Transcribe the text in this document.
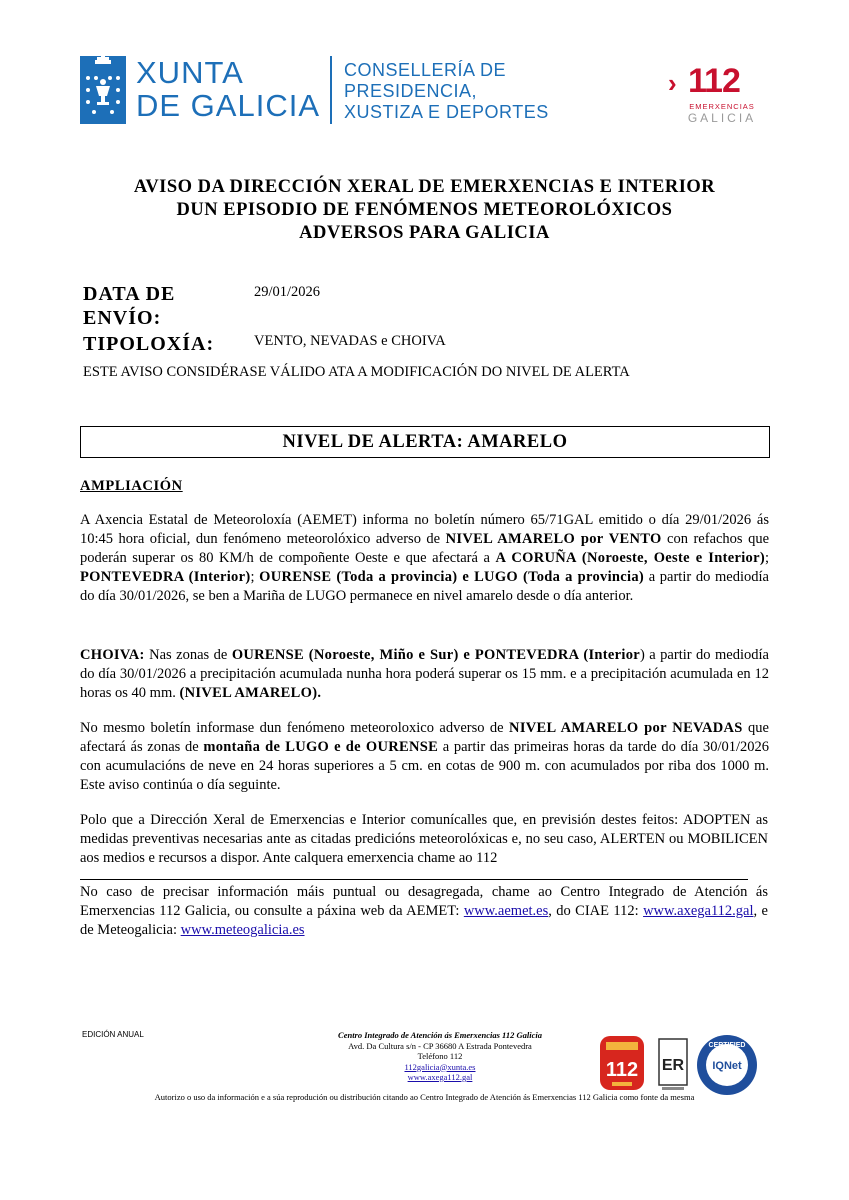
XUNTA
DE GALICIA
CONSELLERÍA DE
PRESIDENCIA,
XUSTIZA E DEPORTES
› 112
EMERXENCIAS
GALICIA
AVISO DA DIRECCIÓN XERAL DE EMERXENCIAS E INTERIOR
DUN EPISODIO DE FENÓMENOS METEOROLÓXICOS
ADVERSOS PARA GALICIA
DATA DE
ENVÍO:
29/01/2026
TIPOLOXÍA:	VENTO, NEVADAS e CHOIVA
ESTE AVISO CONSIDÉRASE VÁLIDO ATA A MODIFICACIÓN DO NIVEL DE ALERTA
NIVEL DE ALERTA: AMARELO
AMPLIACIÓN
A Axencia Estatal de Meteoroloxía (AEMET) informa no boletín número 65/71GAL emitido o día 29/01/2026 ás 10:45 hora oficial, dun fenómeno meteorolóxico adverso de NIVEL AMARELO por VENTO con refachos que poderán superar os 80 KM/h de compoñente Oeste e que afectará a A CORUÑA (Noroeste, Oeste e Interior); PONTEVEDRA (Interior); OURENSE (Toda a provincia) e LUGO (Toda a provincia) a partir do mediodía do día 30/01/2026, se ben a Mariña de LUGO permanece en nivel amarelo desde o día anterior.
CHOIVA: Nas zonas de OURENSE (Noroeste, Miño e Sur) e PONTEVEDRA (Interior) a partir do mediodía do día 30/01/2026 a precipitación acumulada nunha hora poderá superar os 15 mm. e a precipitación acumulada en 12 horas os 40 mm. (NIVEL AMARELO).
No mesmo boletín informase dun fenómeno meteoroloxico adverso de NIVEL AMARELO por NEVADAS que afectará ás zonas de montaña de LUGO e de OURENSE a partir das primeiras horas da tarde do día 30/01/2026 con acumulacións de neve en 24 horas superiores a 5 cm. en cotas de 900 m. con acumulados por riba dos 1000 m. Este aviso continúa o día seguinte.
Polo que a Dirección Xeral de Emerxencias e Interior comunícalles que, en previsión destes feitos: ADOPTEN as medidas preventivas necesarias ante as citadas predicións meteorolóxicas e, no seu caso, ALERTEN ou MOBILICEN aos medios e recursos a dispor. Ante calquera emerxencia chame ao 112
No caso de precisar información máis puntual ou desagregada, chame ao Centro Integrado de Atención ás Emerxencias 112 Galicia, ou consulte a páxina web da AEMET: www.aemet.es, do CIAE 112: www.axega112.gal, e de Meteogalicia: www.meteogalicia.es
EDICIÓN ANUAL	Centro Integrado de Atención ás Emerxencias 112 Galicia
Avd. Da Cultura s/n - CP 36680 A Estrada Pontevedra
Teléfono 112
112galicia@xunta.es
www.axega112.gal	112 ER
CERTIFIED
IQNet
Autorizo o uso da información e a súa reprodución ou distribución citando ao Centro Integrado de Atención ás Emerxencias 112 Galicia como fonte da mesma
